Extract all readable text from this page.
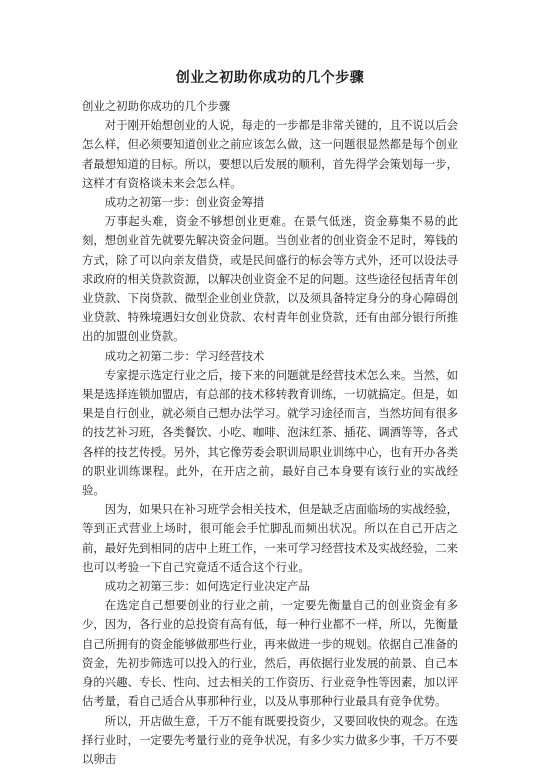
创业之初助你成功的几个步骤

创业之初助你成功的几个步骤

对于刚开始想创业的人说，每走的一步都是非常关键的，且不说以后会怎么样，但必须要知道创业之前应该怎么做，这一问题很显然都是每个创业者最想知道的目标。所以，要想以后发展的顺利，首先得学会策划每一步，这样才有资格谈未来会怎么样。

成功之初第一步：创业资金筹措

万事起头难，资金不够想创业更难。在景气低迷，资金募集不易的此刻，想创业首先就要先解决资金问题。当创业者的创业资金不足时，筹钱的方式，除了可以向亲友借贷，或是民间盛行的标会等方式外，还可以设法寻求政府的相关贷款资源，以解决创业资金不足的问题。这些途径包括青年创业贷款、下岗贷款、微型企业创业贷款，以及须具备特定身分的身心障碍创业贷款、特殊境遇妇女创业贷款、农村青年创业贷款，还有由部分银行所推出的加盟创业贷款。

成功之初第二步：学习经营技术

专家提示选定行业之后，接下来的问题就是经营技术怎么来。当然，如果是选择连锁加盟店，有总部的技术移转教育训练，一切就搞定。但是，如果是自行创业，就必须自己想办法学习。就学习途径而言，当然坊间有很多的技艺补习班，各类餐饮、小吃、咖啡、泡沫红茶、插花、调酒等等，各式各样的技艺传授。另外，其它像劳委会职训局职业训练中心，也有开办各类的职业训练课程。此外，在开店之前，最好自己本身要有该行业的实战经验。

因为，如果只在补习班学会相关技术，但是缺乏店面临场的实战经验，等到正式营业上场时，很可能会手忙脚乱而频出状况。所以在自己开店之前，最好先到相同的店中上班工作，一来可学习经营技术及实战经验，二来也可以考验一下自己究竟适不适合这个行业。

成功之初第三步：如何选定行业决定产品

在选定自己想要创业的行业之前，一定要先衡量自己的创业资金有多少，因为，各行业的总投资有高有低，每一种行业都不一样，所以，先衡量自己所拥有的资金能够做那些行业，再来做进一步的规划。依据自己准备的资金，先初步筛选可以投入的行业，然后，再依据行业发展的前景、自己本身的兴趣、专长、性向、过去相关的工作资历、行业竞争性等因素，加以评估考量，看自己适合从事那种行业，以及从事那种行业最具有竞争优势。

所以，开店做生意，千万不能有既要投资少，又要回收快的观念。在选择行业时，一定要先考量行业的竞争状况，有多少实力做多少事，千万不要以卵击
